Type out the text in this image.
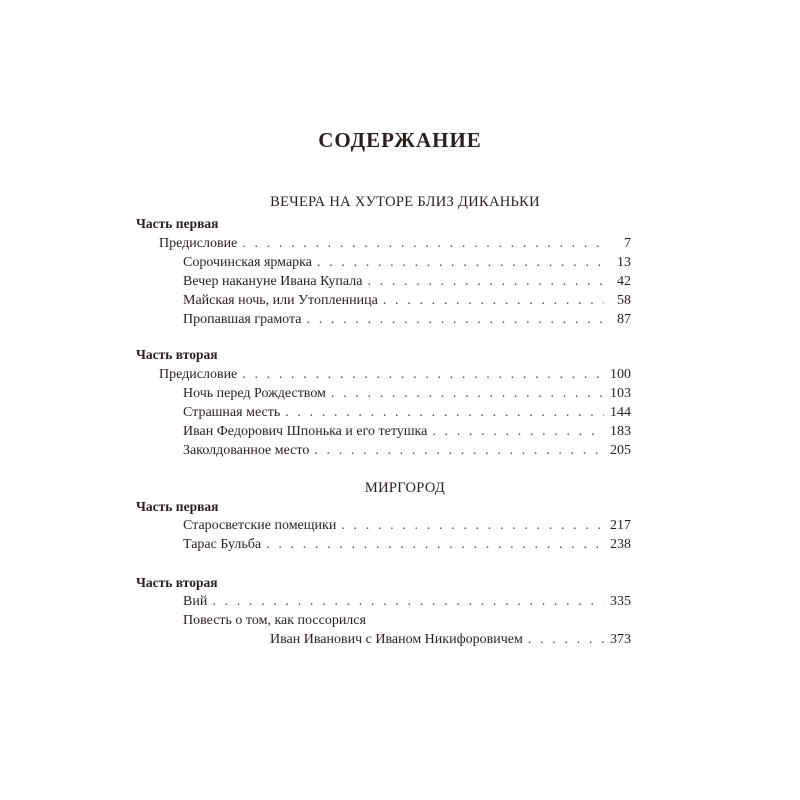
СОДЕРЖАНИЕ
ВЕЧЕРА НА ХУТОРЕ БЛИЗ ДИКАНЬКИ
Часть первая
Предисловие . . .	7
Сорочинская ярмарка . . .	13
Вечер накануне Ивана Купала . . .	42
Майская ночь, или Утопленница . . .	58
Пропавшая грамота . . .	87
Часть вторая
Предисловие . . .	100
Ночь перед Рождеством . . .	103
Страшная месть . . .	144
Иван Федорович Шпонька и его тетушка . . .	183
Заколдованное место . . .	205
МИРГОРОД
Часть первая
Старосветские помещики . . .	217
Тарас Бульба . . .	238
Часть вторая
Вий . . .	335
Повесть о том, как поссорился
Иван Иванович с Иваном Никифоровичем . . .	373
